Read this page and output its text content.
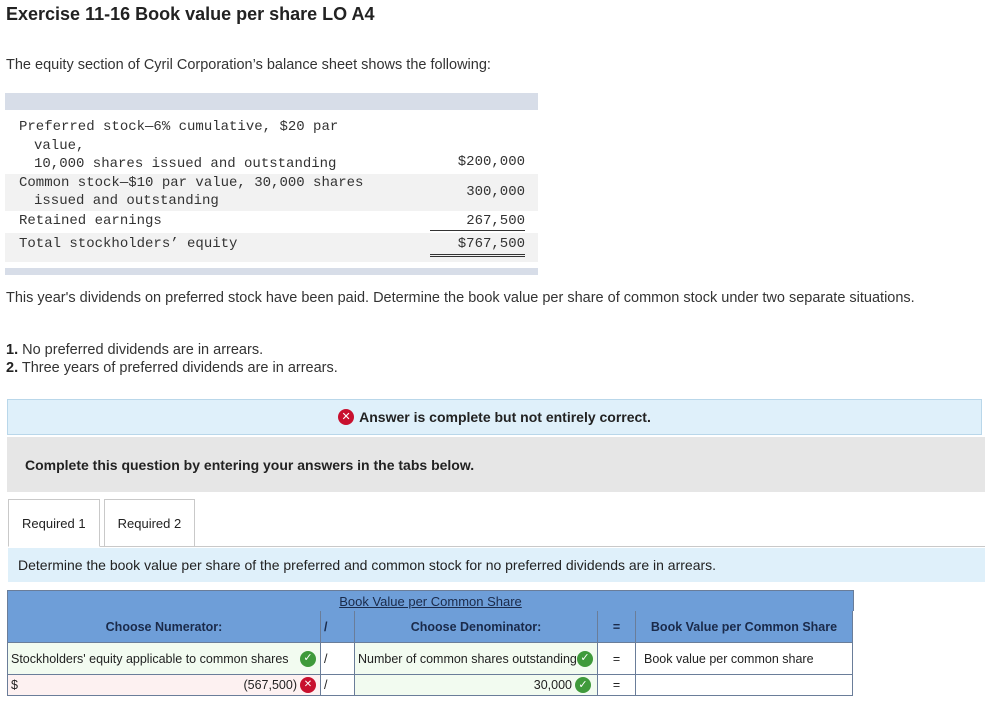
Exercise 11-16 Book value per share LO A4
The equity section of Cyril Corporation’s balance sheet shows the following:
Preferred stock—6% cumulative, $20 par
value,
10,000 shares issued and outstanding	$200,000
Common stock—$10 par value, 30,000 shares
issued and outstanding
300,000
Retained earnings	267,500
Total stockholders’ equity	$767,500
This year's dividends on preferred stock have been paid. Determine the book value per share of common stock under two separate situations.
1. No preferred dividends are in arrears.
2. Three years of preferred dividends are in arrears.
✕ Answer is complete but not entirely correct.
Complete this question by entering your answers in the tabs below.
Required 1	Required 2
Determine the book value per share of the preferred and common stock for no preferred dividends are in arrears.
Book Value per Common Share
Choose Numerator:	/	Choose Denominator:	=	Book Value per Common Share
Stockholders' equity applicable to common shares	✓ /	Number of common shares outstanding ✓	=	Book value per common share
$	(567,500) ✕ /	30,000 ✓	=
